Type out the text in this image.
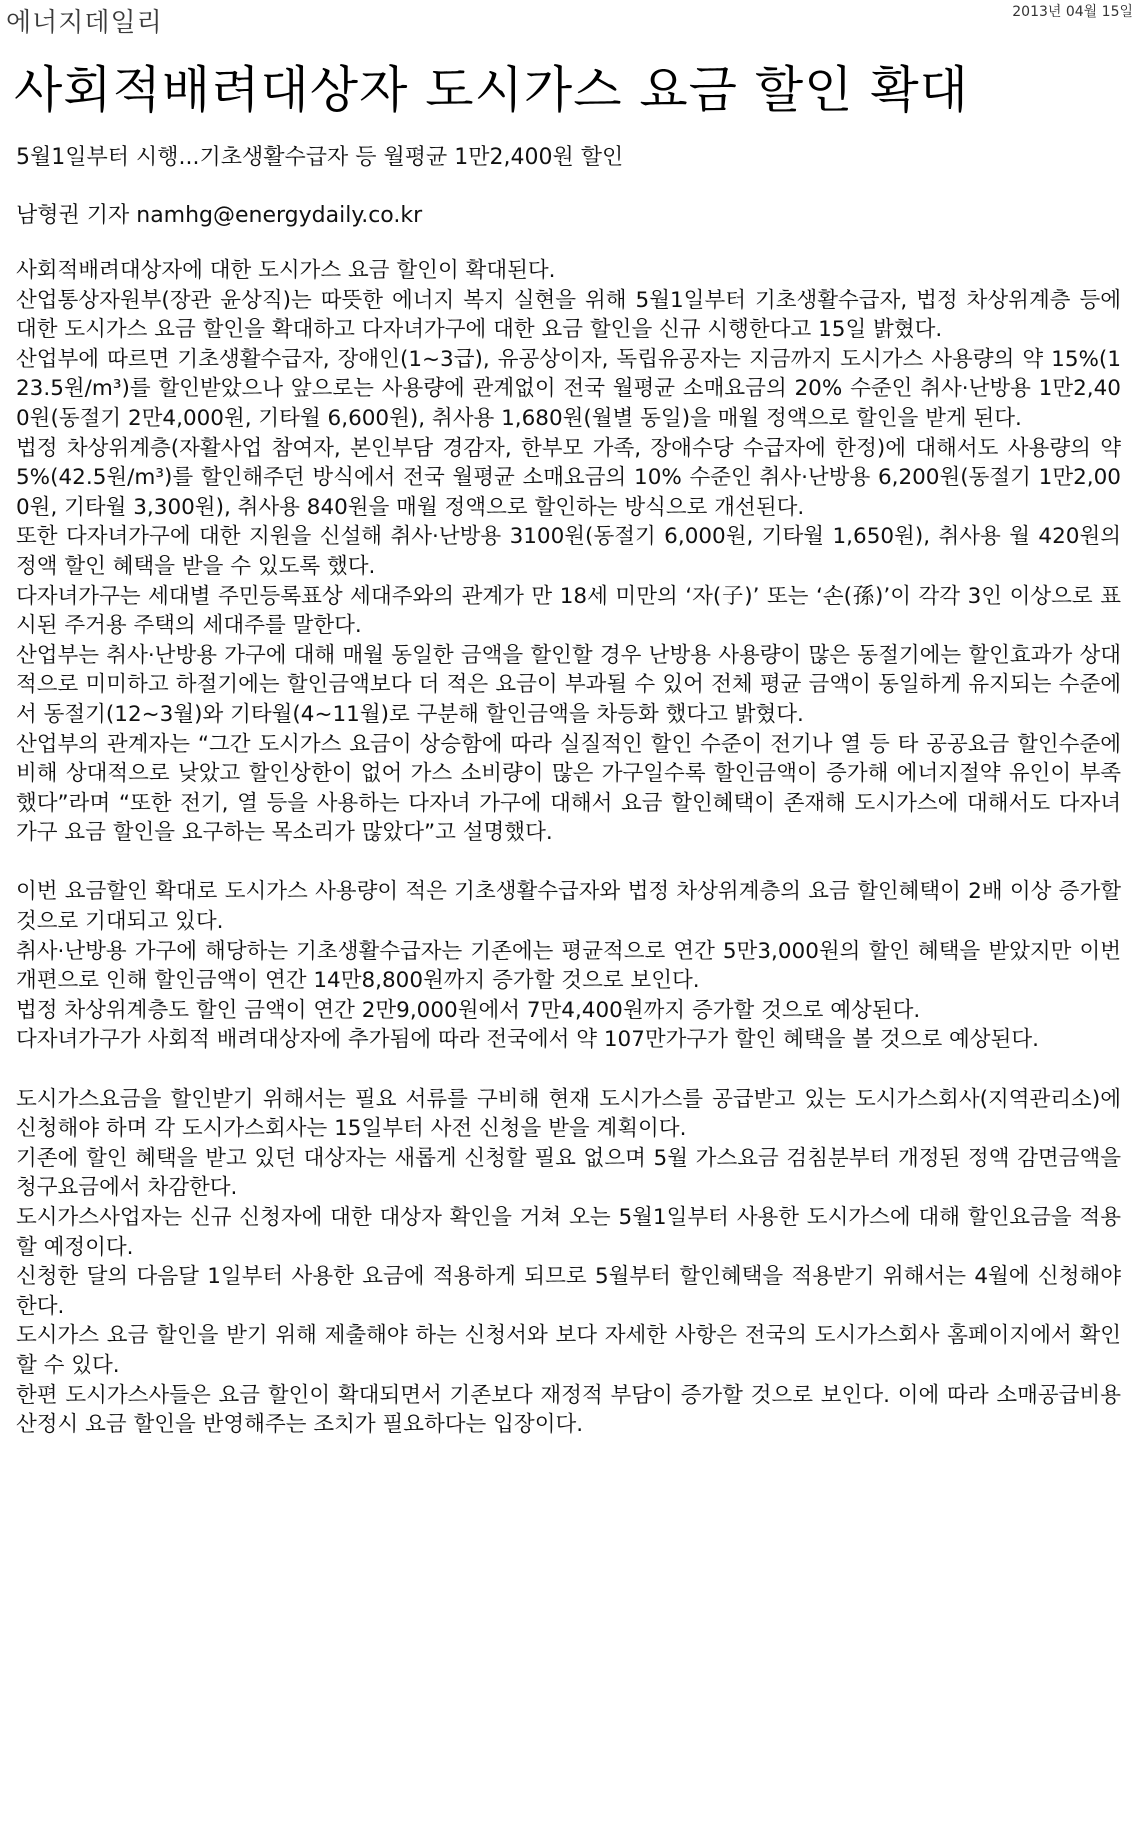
에너지데일리	2013년 04월 15일
사회적배려대상자 도시가스 요금 할인 확대
5월1일부터 시행...기초생활수급자 등 월평균 1만2,400원 할인
남형권 기자 namhg@energydaily.co.kr

사회적배려대상자에 대한 도시가스 요금 할인이 확대된다.

산업통상자원부(장관 윤상직)는 따뜻한 에너지 복지 실현을 위해 5월1일부터 기초생활수급자, 법정 차상위계층 등에 대한 도시가스 요금 할인을 확대하고 다자녀가구에 대한 요금 할인을 신규 시행한다고 15일 밝혔다.

산업부에 따르면 기초생활수급자, 장애인(1~3급), 유공상이자, 독립유공자는 지금까지 도시가스 사용량의 약 15%(123.5원/m³)를 할인받았으나 앞으로는 사용량에 관계없이 전국 월평균 소매요금의 20% 수준인 취사·난방용 1만2,400원(동절기 2만4,000원, 기타월 6,600원), 취사용 1,680원(월별 동일)을 매월 정액으로 할인을 받게 된다.

법정 차상위계층(자활사업 참여자, 본인부담 경감자, 한부모 가족, 장애수당 수급자에 한정)에 대해서도 사용량의 약 5%(42.5원/m³)를 할인해주던 방식에서 전국 월평균 소매요금의 10% 수준인 취사·난방용 6,200원(동절기 1만2,000원, 기타월 3,300원), 취사용 840원을 매월 정액으로 할인하는 방식으로 개선된다.

또한 다자녀가구에 대한 지원을 신설해 취사·난방용 3100원(동절기 6,000원, 기타월 1,650원), 취사용 월 420원의 정액 할인 혜택을 받을 수 있도록 했다.

다자녀가구는 세대별 주민등록표상 세대주와의 관계가 만 18세 미만의 ‘자(子)’ 또는 ‘손(孫)’이 각각 3인 이상으로 표시된 주거용 주택의 세대주를 말한다.

산업부는 취사·난방용 가구에 대해 매월 동일한 금액을 할인할 경우 난방용 사용량이 많은 동절기에는 할인효과가 상대적으로 미미하고 하절기에는 할인금액보다 더 적은 요금이 부과될 수 있어 전체 평균 금액이 동일하게 유지되는 수준에서 동절기(12~3월)와 기타월(4~11월)로 구분해 할인금액을 차등화 했다고 밝혔다.

산업부의 관계자는 “그간 도시가스 요금이 상승함에 따라 실질적인 할인 수준이 전기나 열 등 타 공공요금 할인수준에 비해 상대적으로 낮았고 할인상한이 없어 가스 소비량이 많은 가구일수록 할인금액이 증가해 에너지절약 유인이 부족했다”라며 “또한 전기, 열 등을 사용하는 다자녀 가구에 대해서 요금 할인혜택이 존재해 도시가스에 대해서도 다자녀 가구 요금 할인을 요구하는 목소리가 많았다”고 설명했다.

이번 요금할인 확대로 도시가스 사용량이 적은 기초생활수급자와 법정 차상위계층의 요금 할인혜택이 2배 이상 증가할 것으로 기대되고 있다.

취사·난방용 가구에 해당하는 기초생활수급자는 기존에는 평균적으로 연간 5만3,000원의 할인 혜택을 받았지만 이번 개편으로 인해 할인금액이 연간 14만8,800원까지 증가할 것으로 보인다.

법정 차상위계층도 할인 금액이 연간 2만9,000원에서 7만4,400원까지 증가할 것으로 예상된다.

다자녀가구가 사회적 배려대상자에 추가됨에 따라 전국에서 약 107만가구가 할인 혜택을 볼 것으로 예상된다.

도시가스요금을 할인받기 위해서는 필요 서류를 구비해 현재 도시가스를 공급받고 있는 도시가스회사(지역관리소)에 신청해야 하며 각 도시가스회사는 15일부터 사전 신청을 받을 계획이다.

기존에 할인 혜택을 받고 있던 대상자는 새롭게 신청할 필요 없으며 5월 가스요금 검침분부터 개정된 정액 감면금액을 청구요금에서 차감한다.

도시가스사업자는 신규 신청자에 대한 대상자 확인을 거쳐 오는 5월1일부터 사용한 도시가스에 대해 할인요금을 적용할 예정이다.

신청한 달의 다음달 1일부터 사용한 요금에 적용하게 되므로 5월부터 할인혜택을 적용받기 위해서는 4월에 신청해야 한다.

도시가스 요금 할인을 받기 위해 제출해야 하는 신청서와 보다 자세한 사항은 전국의 도시가스회사 홈페이지에서 확인할 수 있다.

한편 도시가스사들은 요금 할인이 확대되면서 기존보다 재정적 부담이 증가할 것으로 보인다. 이에 따라 소매공급비용 산정시 요금 할인을 반영해주는 조치가 필요하다는 입장이다.
